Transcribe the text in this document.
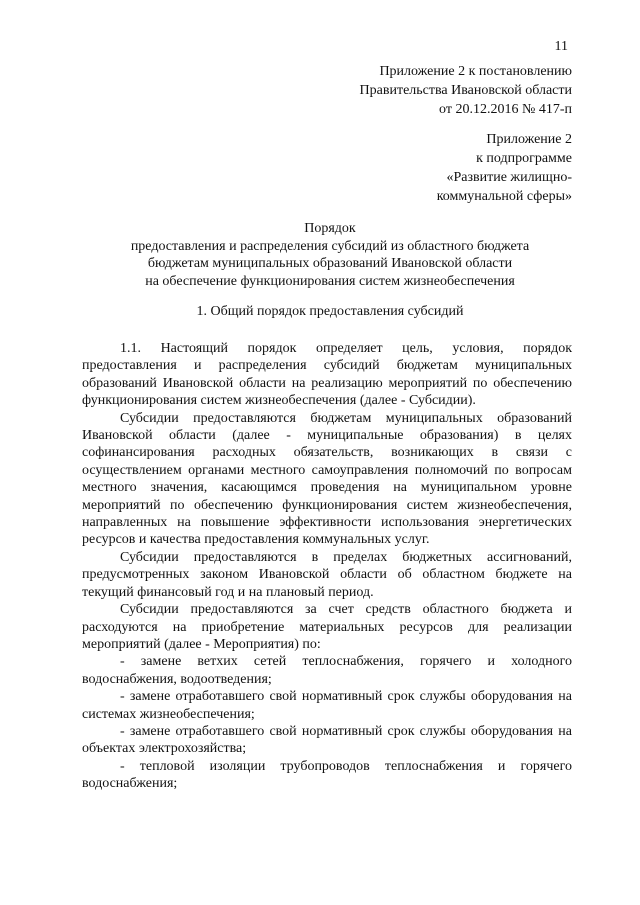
11
Приложение 2 к постановлению
Правительства Ивановской области
от 20.12.2016 № 417-п
Приложение 2
к подпрограмме
«Развитие жилищно-
коммунальной сферы»
Порядок
предоставления и распределения субсидий из областного бюджета
бюджетам муниципальных образований Ивановской области
на обеспечение функционирования систем жизнеобеспечения
1. Общий порядок предоставления субсидий

1.1. Настоящий порядок определяет цель, условия, порядок предоставления и распределения субсидий бюджетам муниципальных образований Ивановской области на реализацию мероприятий по обеспечению функционирования систем жизнеобеспечения (далее - Субсидии).

Субсидии предоставляются бюджетам муниципальных образований Ивановской области (далее - муниципальные образования) в целях софинансирования расходных обязательств, возникающих в связи с осуществлением органами местного самоуправления полномочий по вопросам местного значения, касающимся проведения на муниципальном уровне мероприятий по обеспечению функционирования систем жизнеобеспечения, направленных на повышение эффективности использования энергетических ресурсов и качества предоставления коммунальных услуг.

Субсидии предоставляются в пределах бюджетных ассигнований, предусмотренных законом Ивановской области об областном бюджете на текущий финансовый год и на плановый период.

Субсидии предоставляются за счет средств областного бюджета и расходуются на приобретение материальных ресурсов для реализации мероприятий (далее - Мероприятия) по:

- замене ветхих сетей теплоснабжения, горячего и холодного водоснабжения, водоотведения;

- замене отработавшего свой нормативный срок службы оборудования на системах жизнеобеспечения;

- замене отработавшего свой нормативный срок службы оборудования на объектах электрохозяйства;

- тепловой изоляции трубопроводов теплоснабжения и горячего водоснабжения;
